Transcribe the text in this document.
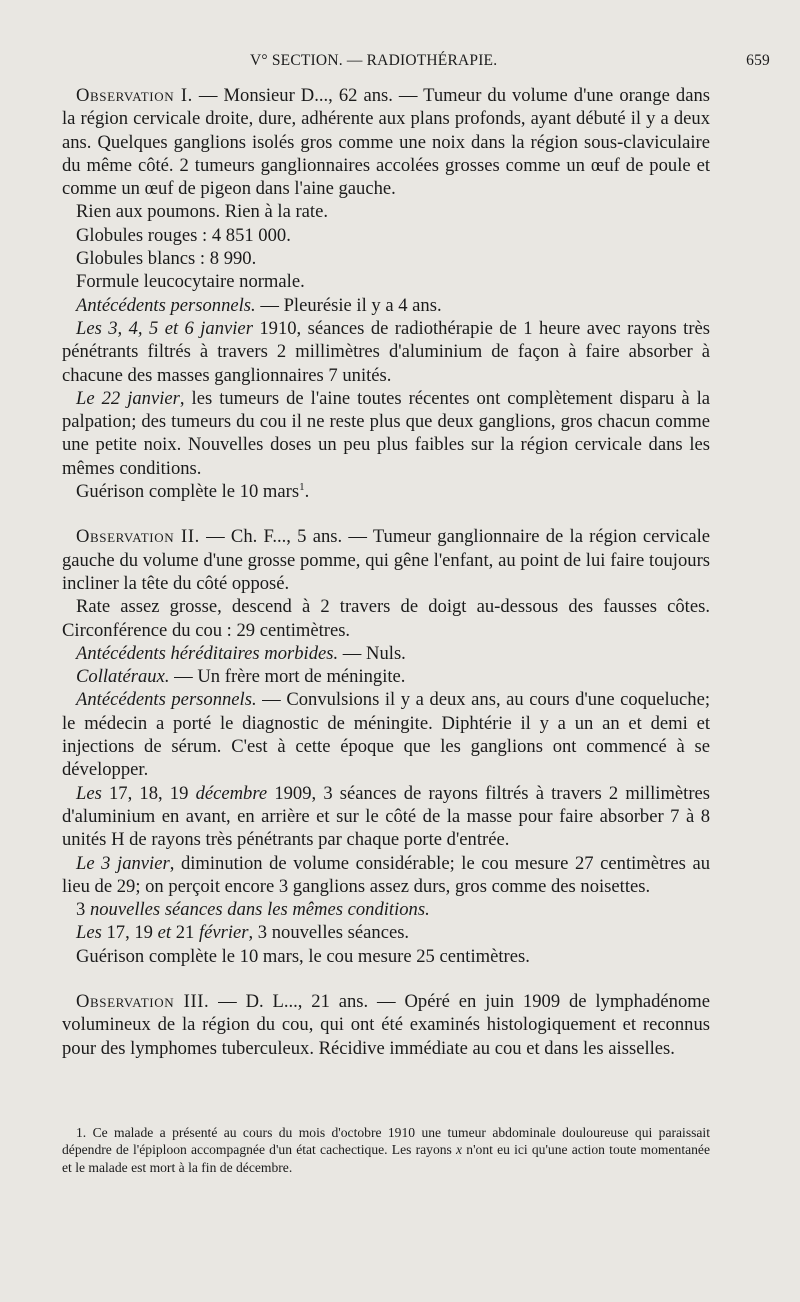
V° SECTION. — RADIOTHÉRAPIE.	659

Observation I. — Monsieur D..., 62 ans. — Tumeur du volume d'une orange dans la région cervicale droite, dure, adhérente aux plans profonds, ayant débuté il y a deux ans. Quelques ganglions isolés gros comme une noix dans la région sous-claviculaire du même côté. 2 tumeurs ganglionnaires accolées grosses comme un œuf de poule et comme un œuf de pigeon dans l'aine gauche.

Rien aux poumons. Rien à la rate.

Globules rouges : 4 851 000.

Globules blancs : 8 990.

Formule leucocytaire normale.

Antécédents personnels. — Pleurésie il y a 4 ans.

Les 3, 4, 5 et 6 janvier 1910, séances de radiothérapie de 1 heure avec rayons très pénétrants filtrés à travers 2 millimètres d'aluminium de façon à faire absorber à chacune des masses ganglionnaires 7 unités.

Le 22 janvier, les tumeurs de l'aine toutes récentes ont complètement disparu à la palpation; des tumeurs du cou il ne reste plus que deux ganglions, gros chacun comme une petite noix. Nouvelles doses un peu plus faibles sur la région cervicale dans les mêmes conditions.

Guérison complète le 10 mars$^1$.

Observation II. — Ch. F..., 5 ans. — Tumeur ganglionnaire de la région cervicale gauche du volume d'une grosse pomme, qui gêne l'enfant, au point de lui faire toujours incliner la tête du côté opposé.

Rate assez grosse, descend à 2 travers de doigt au-dessous des fausses côtes. Circonférence du cou : 29 centimètres.

Antécédents héréditaires morbides. — Nuls.

Collatéraux. — Un frère mort de méningite.

Antécédents personnels. — Convulsions il y a deux ans, au cours d'une coqueluche; le médecin a porté le diagnostic de méningite. Diphtérie il y a un an et demi et injections de sérum. C'est à cette époque que les ganglions ont commencé à se développer.

Les 17, 18, 19 décembre 1909, 3 séances de rayons filtrés à travers 2 millimètres d'aluminium en avant, en arrière et sur le côté de la masse pour faire absorber 7 à 8 unités H de rayons très pénétrants par chaque porte d'entrée.

Le 3 janvier, diminution de volume considérable; le cou mesure 27 centimètres au lieu de 29; on perçoit encore 3 ganglions assez durs, gros comme des noisettes.

3 nouvelles séances dans les mêmes conditions.

Les 17, 19 et 21 février, 3 nouvelles séances.

Guérison complète le 10 mars, le cou mesure 25 centimètres.

Observation III. — D. L..., 21 ans. — Opéré en juin 1909 de lymphadénome volumineux de la région du cou, qui ont été examinés histologiquement et reconnus pour des lymphomes tuberculeux. Récidive immédiate au cou et dans les aisselles.

1. Ce malade a présenté au cours du mois d'octobre 1910 une tumeur abdominale douloureuse qui paraissait dépendre de l'épiploon accompagnée d'un état cachectique. Les rayons x n'ont eu ici qu'une action toute momentanée et le malade est mort à la fin de décembre.
